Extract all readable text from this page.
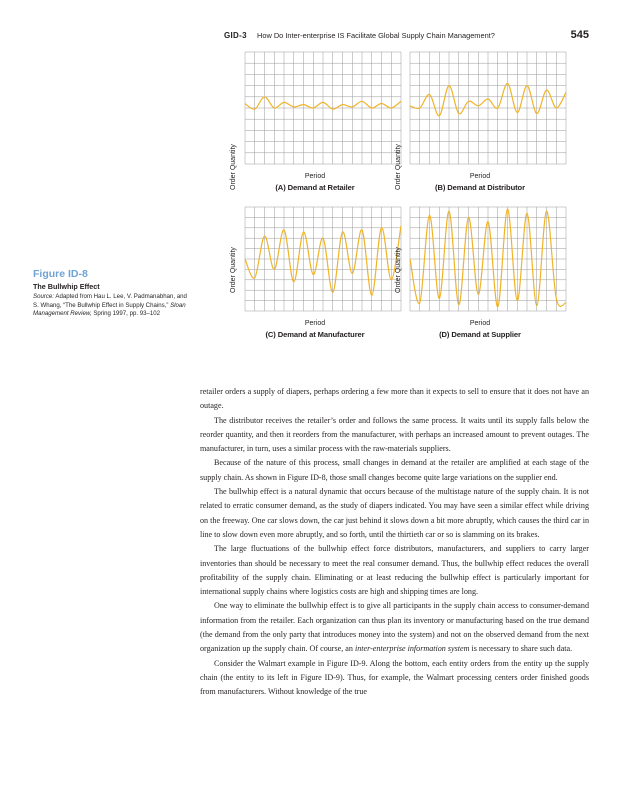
GID-3 How Do Inter-enterprise IS Facilitate Global Supply Chain Management?	545
Order Quantity	Period
(A) Demand at Retailer	Order Quantity	Period
(B) Demand at Distributor
Order Quantity
Period
(C) Demand at Manufacturer
Order Quantity
Period
(D) Demand at Supplier
Figure ID-8
The Bullwhip Effect
Source: Adapted from Hau L. Lee, V. Padmanabhan, and S. Whang, “The Bullwhip Effect in Supply Chains,” Sloan Management Review, Spring 1997, pp. 93–102

retailer orders a supply of diapers, perhaps ordering a few more than it expects to sell to ensure that it does not have an outage.

The distributor receives the retailer’s order and follows the same process. It waits until its supply falls below the reorder quantity, and then it reorders from the manufacturer, with perhaps an increased amount to prevent outages. The manufacturer, in turn, uses a similar process with the raw-materials suppliers.

Because of the nature of this process, small changes in demand at the retailer are amplified at each stage of the supply chain. As shown in Figure ID-8, those small changes become quite large variations on the supplier end.

The bullwhip effect is a natural dynamic that occurs because of the multistage nature of the supply chain. It is not related to erratic consumer demand, as the study of diapers indicated. You may have seen a similar effect while driving on the freeway. One car slows down, the car just behind it slows down a bit more abruptly, which causes the third car in line to slow down even more abruptly, and so forth, until the thirtieth car or so is slamming on its brakes.

The large fluctuations of the bullwhip effect force distributors, manufacturers, and suppliers to carry larger inventories than should be necessary to meet the real consumer demand. Thus, the bullwhip effect reduces the overall profitability of the supply chain. Eliminating or at least reducing the bullwhip effect is particularly important for international supply chains where logistics costs are high and shipping times are long.

One way to eliminate the bullwhip effect is to give all participants in the supply chain access to consumer-demand information from the retailer. Each organization can thus plan its inventory or manufacturing based on the true demand (the demand from the only party that introduces money into the system) and not on the observed demand from the next organization up the supply chain. Of course, an inter-enterprise information system is necessary to share such data.

Consider the Walmart example in Figure ID-9. Along the bottom, each entity orders from the entity up the supply chain (the entity to its left in Figure ID-9). Thus, for example, the Walmart processing centers order finished goods from manufacturers. Without knowledge of the true
